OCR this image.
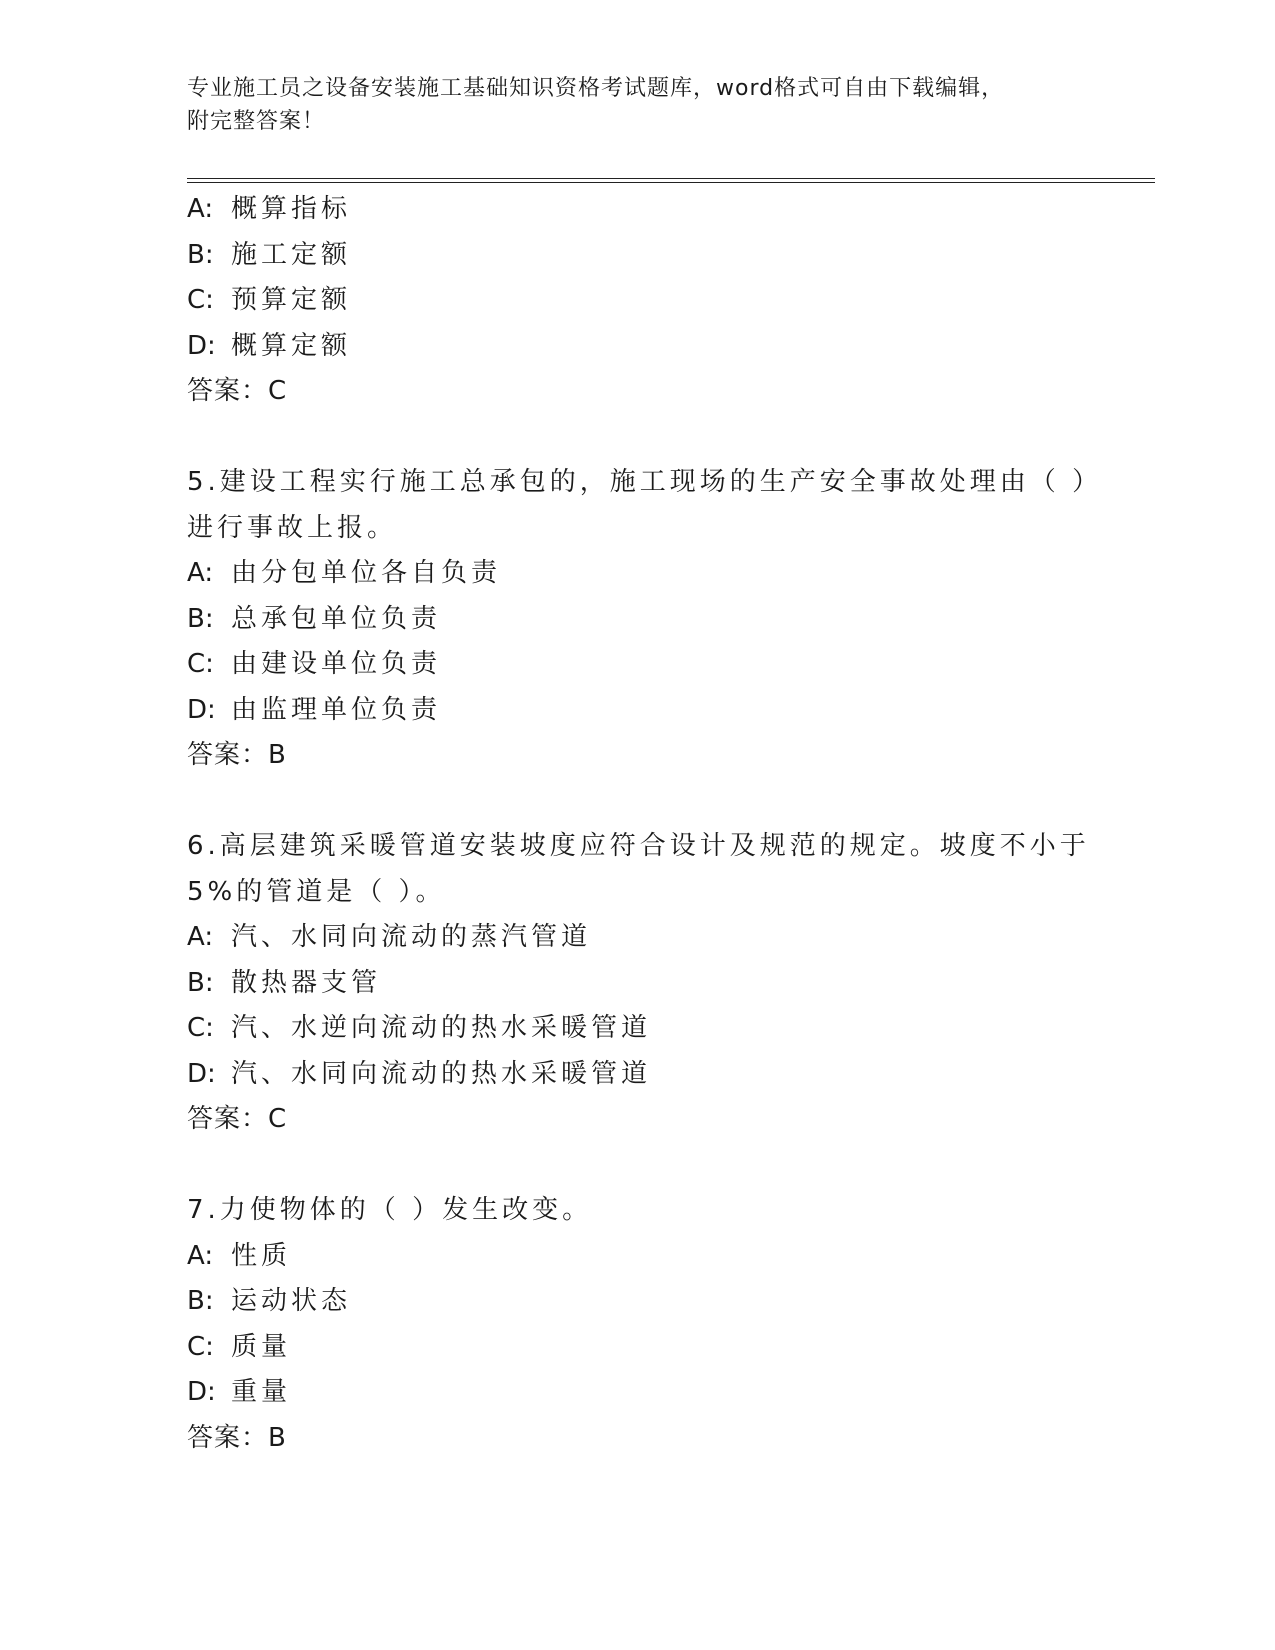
专业施工员之设备安装施工基础知识资格考试题库，word格式可自由下载编辑，
附完整答案！
A: 概算指标
B: 施工定额
C: 预算定额
D: 概算定额
答案：C
5.建设工程实行施工总承包的，施工现场的生产安全事故处理由（ ）
进行事故上报。
A: 由分包单位各自负责
B: 总承包单位负责
C: 由建设单位负责
D: 由监理单位负责
答案：B
6.高层建筑采暖管道安装坡度应符合设计及规范的规定。坡度不小于
5%的管道是（ ）。
A: 汽、水同向流动的蒸汽管道
B: 散热器支管
C: 汽、水逆向流动的热水采暖管道
D: 汽、水同向流动的热水采暖管道
答案：C
7.力使物体的（ ）发生改变。
A: 性质
B: 运动状态
C: 质量
D: 重量
答案：B
